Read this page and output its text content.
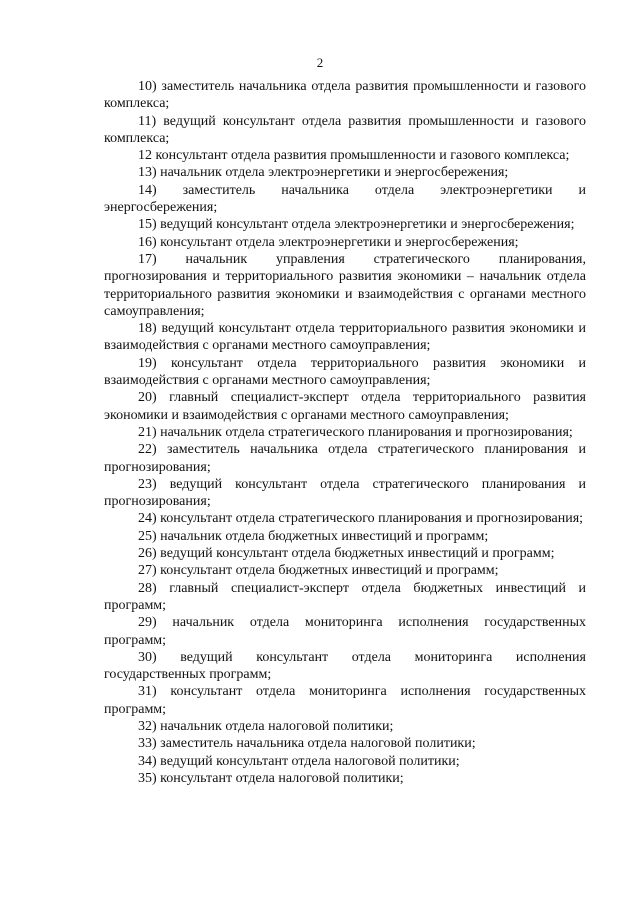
2

10) заместитель начальника отдела развития промышленности и газового комплекса;

11) ведущий консультант отдела развития промышленности и газового комплекса;

12 консультант отдела развития промышленности и газового комплекса;

13) начальник отдела электроэнергетики и энергосбережения;

14) заместитель начальника отдела электроэнергетики и энергосбережения;

15) ведущий консультант отдела электроэнергетики и энергосбережения;

16) консультант отдела электроэнергетики и энергосбережения;

17) начальник управления стратегического планирования, прогнозирования и территориального развития экономики – начальник отдела территориального развития экономики и взаимодействия с органами местного самоуправления;

18) ведущий консультант отдела территориального развития экономики и взаимодействия с органами местного самоуправления;

19) консультант отдела территориального развития экономики и взаимодействия с органами местного самоуправления;

20) главный специалист-эксперт отдела территориального развития экономики и взаимодействия с органами местного самоуправления;

21) начальник отдела стратегического планирования и прогнозирования;

22) заместитель начальника отдела стратегического планирования и прогнозирования;

23) ведущий консультант отдела стратегического планирования и прогнозирования;

24) консультант отдела стратегического планирования и прогнозирования;

25) начальник отдела бюджетных инвестиций и программ;

26) ведущий консультант отдела бюджетных инвестиций и программ;

27) консультант отдела бюджетных инвестиций и программ;

28) главный специалист-эксперт отдела бюджетных инвестиций и программ;

29) начальник отдела мониторинга исполнения государственных программ;

30) ведущий консультант отдела мониторинга исполнения государственных программ;

31) консультант отдела мониторинга исполнения государственных программ;

32) начальник отдела налоговой политики;

33) заместитель начальника отдела налоговой политики;

34) ведущий консультант отдела налоговой политики;

35) консультант отдела налоговой политики;
